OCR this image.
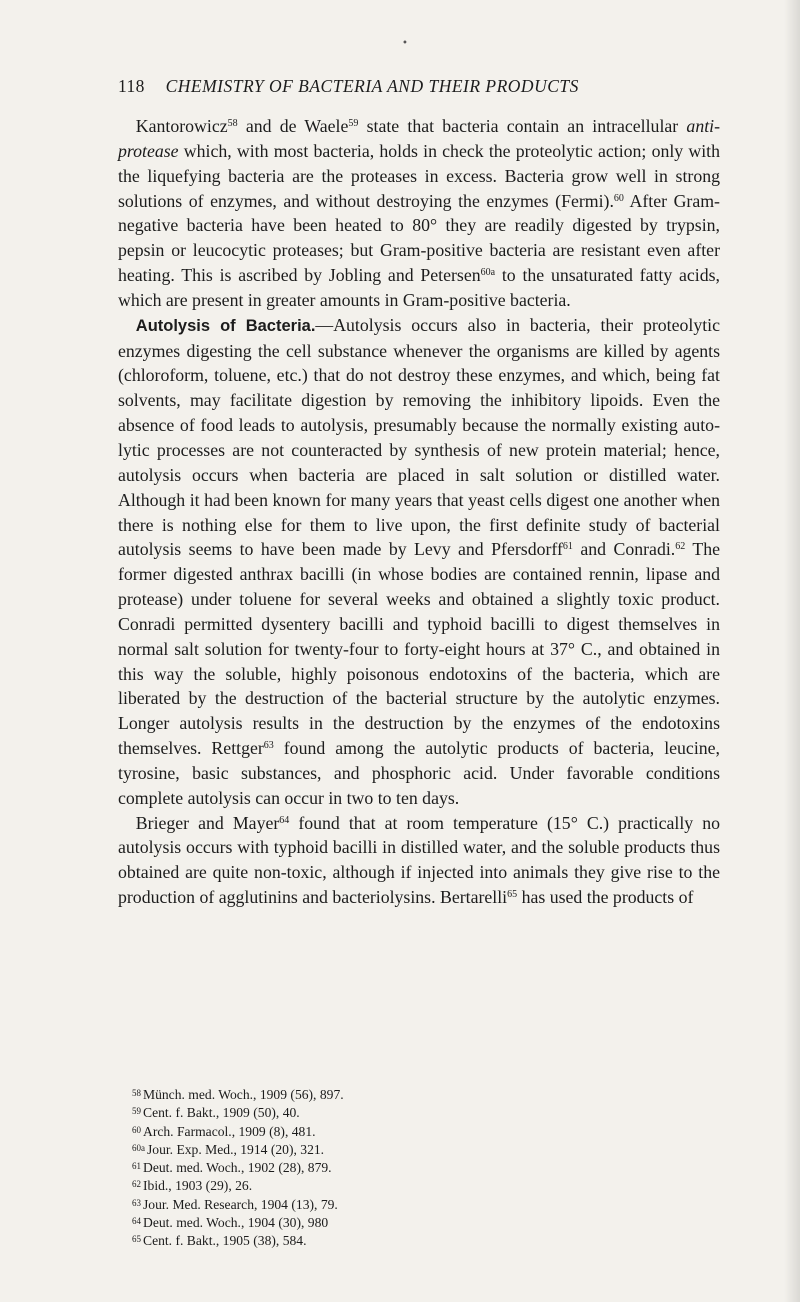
•
118 CHEMISTRY OF BACTERIA AND THEIR PRODUCTS

 Kantorowicz$^{58}$ and de Waele$^{59}$ state that bacteria contain an intracellular anti-protease which, with most bacteria, holds in check the proteolytic action; only with the liquefying bacteria are the proteases in excess. Bacteria grow well in strong solutions of enzymes, and without destroying the enzymes (Fermi).$^{60}$ After Gram-negative bacteria have been heated to 80° they are readily digested by trypsin, pepsin or leucocytic proteases; but Gram-positive bacteria are resistant even after heating. This is ascribed by Jobling and Petersen$^{60a}$ to the unsaturated fatty acids, which are present in greater amounts in Gram-positive bacteria.

 Autolysis of Bacteria.—Autolysis occurs also in bacteria, their proteolytic enzymes digesting the cell substance whenever the organisms are killed by agents (chloroform, toluene, etc.) that do not destroy these enzymes, and which, being fat solvents, may facilitate digestion by removing the inhibitory lipoids. Even the absence of food leads to autolysis, presumably because the normally existing autolytic processes are not counteracted by synthesis of new protein material; hence, autolysis occurs when bacteria are placed in salt solution or distilled water. Although it had been known for many years that yeast cells digest one another when there is nothing else for them to live upon, the first definite study of bacterial autolysis seems to have been made by Levy and Pfersdorff$^{61}$ and Conradi.$^{62}$ The former digested anthrax bacilli (in whose bodies are contained rennin, lipase and protease) under toluene for several weeks and obtained a slightly toxic product. Conradi permitted dysentery bacilli and typhoid bacilli to digest themselves in normal salt solution for twenty-four to forty-eight hours at 37° C., and obtained in this way the soluble, highly poisonous endotoxins of the bacteria, which are liberated by the destruction of the bacterial structure by the autolytic enzymes. Longer autolysis results in the destruction by the enzymes of the endotoxins themselves. Rettger$^{63}$ found among the autolytic products of bacteria, leucine, tyrosine, basic substances, and phosphoric acid. Under favorable conditions complete autolysis can occur in two to ten days.

 Brieger and Mayer$^{64}$ found that at room temperature (15° C.) practically no autolysis occurs with typhoid bacilli in distilled water, and the soluble products thus obtained are quite non-toxic, although if injected into animals they give rise to the production of agglutinins and bacteriolysins. Bertarelli$^{65}$ has used the products of

$^{58}$ Münch. med. Woch., 1909 (56), 897.
$^{59}$ Cent. f. Bakt., 1909 (50), 40.
$^{60}$ Arch. Farmacol., 1909 (8), 481.
$^{60a}$ Jour. Exp. Med., 1914 (20), 321.
$^{61}$ Deut. med. Woch., 1902 (28), 879.
$^{62}$ Ibid., 1903 (29), 26.
$^{63}$ Jour. Med. Research, 1904 (13), 79.
$^{64}$ Deut. med. Woch., 1904 (30), 980
$^{65}$ Cent. f. Bakt., 1905 (38), 584.
